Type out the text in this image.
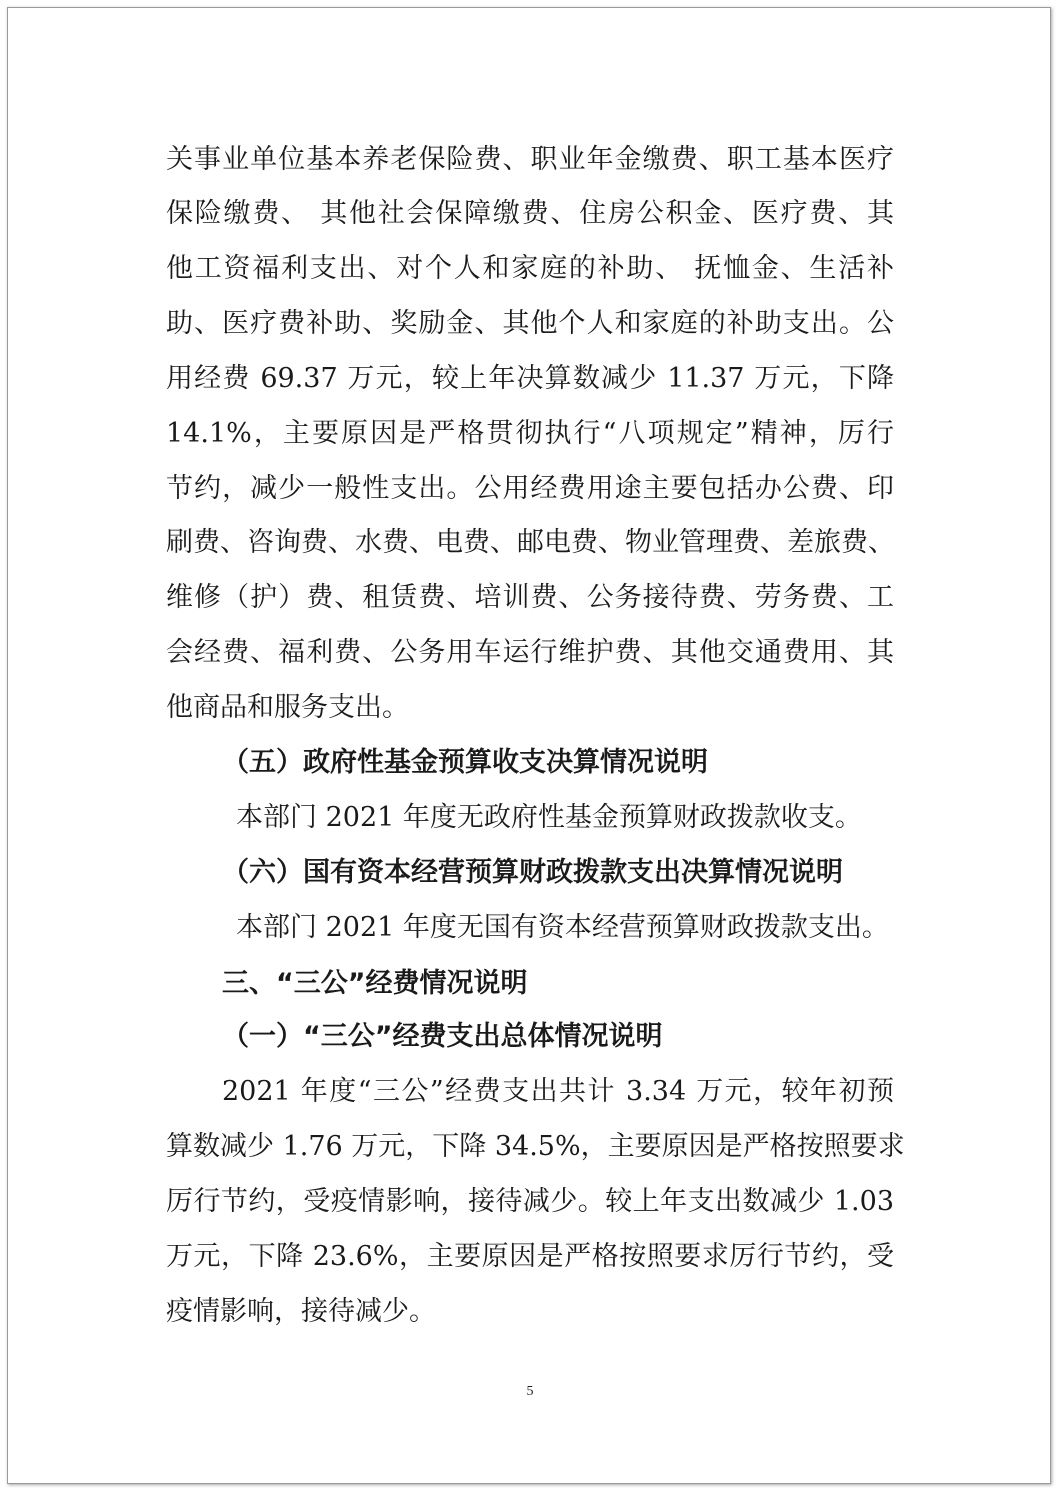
关事业单位基本养老保险费、职业年金缴费、职工基本医疗
保险缴费、 其他社会保障缴费、住房公积金、医疗费、其
他工资福利支出、对个人和家庭的补助、 抚恤金、生活补
助、医疗费补助、奖励金、其他个人和家庭的补助支出。公
用经费 69.37 万元，较上年决算数减少 11.37 万元，下降
14.1%，主要原因是严格贯彻执行“八项规定”精神，厉行
节约，减少一般性支出。公用经费用途主要包括办公费、印
刷费、咨询费、水费、电费、邮电费、物业管理费、差旅费、
维修（护）费、租赁费、培训费、公务接待费、劳务费、工
会经费、福利费、公务用车运行维护费、其他交通费用、其
他商品和服务支出。
（五）政府性基金预算收支决算情况说明
本部门 2021 年度无政府性基金预算财政拨款收支。
（六）国有资本经营预算财政拨款支出决算情况说明
本部门 2021 年度无国有资本经营预算财政拨款支出。
三、“三公”经费情况说明
（一）“三公”经费支出总体情况说明
2021 年度“三公”经费支出共计 3.34 万元，较年初预
算数减少 1.76 万元，下降 34.5%，主要原因是严格按照要求
厉行节约，受疫情影响，接待减少。较上年支出数减少 1.03
万元，下降 23.6%，主要原因是严格按照要求厉行节约，受
疫情影响，接待减少。
5
